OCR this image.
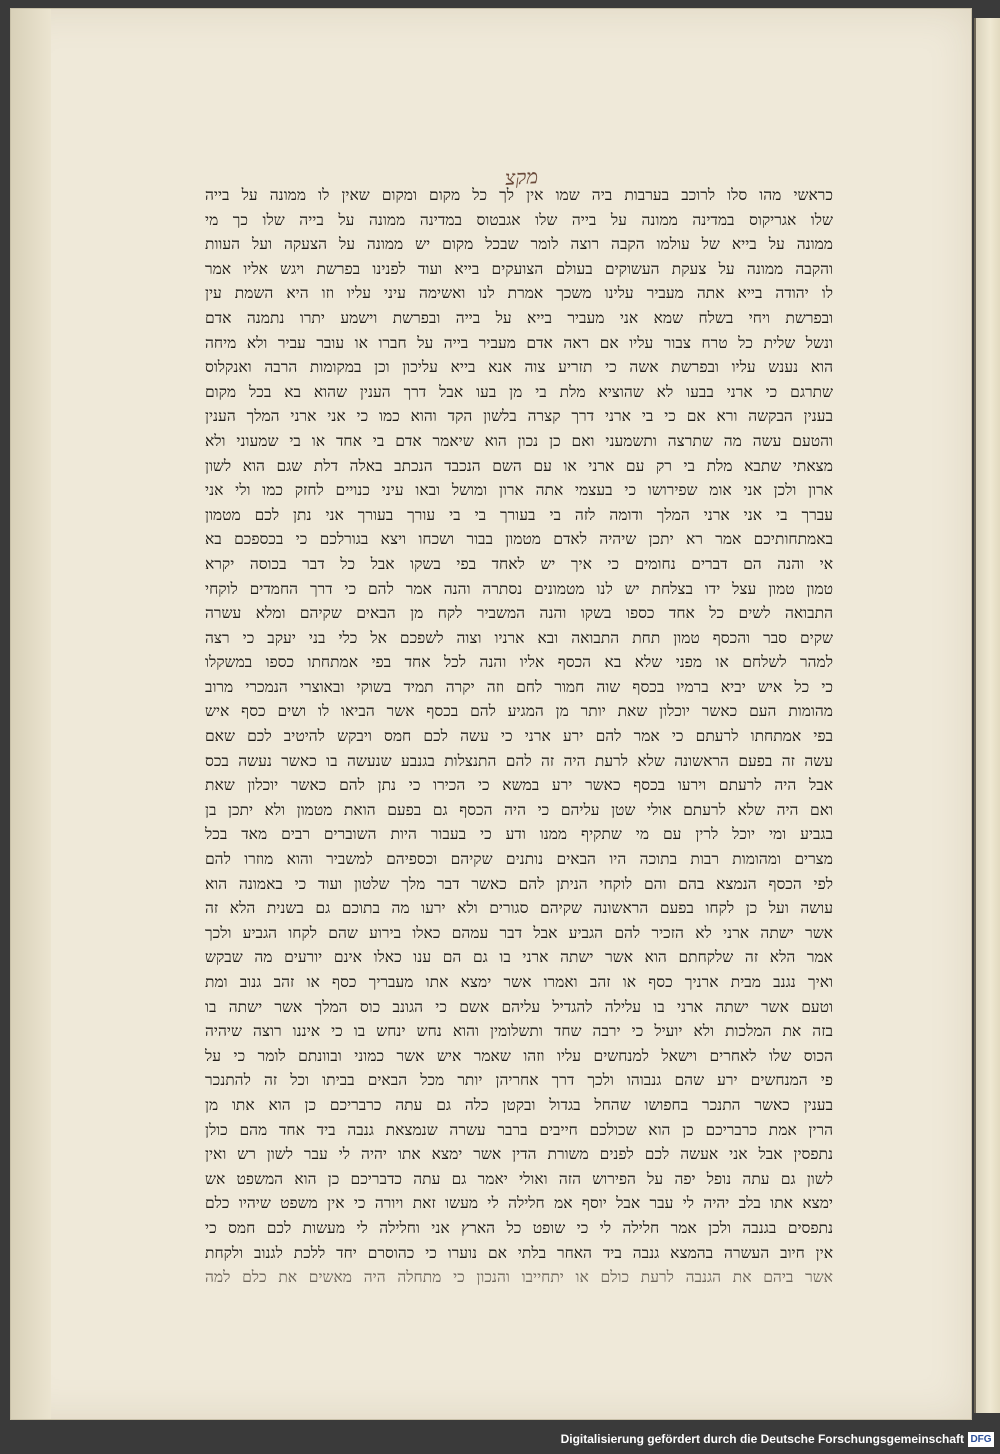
מקצ
כראשי מהו סלו לרוכב בערבות ביה שמו אין לך כל מקום ומקום שאין לו ממונה על בייה
שלו אגריקוס במדינה ממונה על בייה שלו אגבטוס במדינה ממונה על בייה שלו כך מי
ממונה על בייא של עולמו הקבה רוצה לומר שבכל מקום יש ממונה על הצעקה ועל העוות
והקבה ממונה על צעקת העשוקים בעולם הצועקים בייא ועוד לפנינו בפרשת ויגש אליו אמר
לו יהודה בייא אתה מעביר עלינו משכך אמרת לנו ואשימה עיני עליו וזו היא השמת עין
ובפרשת ויחי בשלח שמא אני מעביר בייא על בייה ובפרשת וישמע יתרו נתמנה אדם
ונשל שלית כל טרח צבור עליו אם ראה אדם מעביר בייה על חברו או עובר עביר ולא מיחה
הוא נענש עליו ובפרשת אשה כי תזריע צוה אנא בייא עליכון וכן במקומות הרבה ואנקלוס
שתרגם כי ארני בבעו לא שהוציא מלת בי מן בעו אבל דרך הענין שהוא בא בכל מקום
בענין הבקשה ורא אם כי בי ארני דרך קצרה בלשון הקד והוא כמו כי אני ארני המלך הענין
והטעם עשה מה שתרצה ותשמעני ואם כן נכון הוא שיאמר אדם בי אחד או בי שמעוני ולא
מצאתי שתבא מלת בי רק עם ארני או עם השם הנכבד הנכתב באלה דלת שגם הוא לשון
ארון ולכן אני אומ שפירושו כי בעצמי אתה ארון ומושל ובאו עיני כנויים לחזק כמו ולי אני
עברך בי אני ארני המלך ודומה לזה בי בעורך בי בי עורך בעורך אני נתן לכם מטמון
באמתחותיכם אמר רא יתכן שיהיה לאדם מטמון בבור ושכחו ויצא בגורלכם כי בכספכם בא
אי והנה הם דברים נחומים כי איך יש לאחד בפי בשקו אבל כל דבר בכוסה יקרא
טמון טמון עצל ידו בצלחת יש לנו מטמונים נסתרה והנה אמר להם כי דרך החמדים לוקחי
התבואה לשים כל אחד כספו בשקו והנה המשביר לקח מן הבאים שקיהם ומלא עשרה
שקים סבר והכסף טמון תחת התבואה ובא ארניו וצוה לשפכם אל כלי בני יעקב כי רצה
למהר לשלחם או מפני שלא בא הכסף אליו והנה לכל אחד בפי אמתחתו כספו במשקלו
כי כל איש יביא ברמיו בכסף שוה חמור לחם וזה יקרה תמיד בשוקי ובאוצרי הנמכרי מרוב
מהומות העם כאשר יוכלון שאת יותר מן המגיע להם בכסף אשר הביאו לו ושים כסף איש
בפי אמתחתו לרעתם כי אמר להם ירע ארני כי עשה לכם חמס ויבקש להיטיב לכם שאם
עשה זה בפעם הראשונה שלא לרעת היה זה להם התנצלות בגנבע שנעשה בו כאשר נעשה בכס
אבל היה לרעתם וירעו בכסף כאשר ירע במשא כי הכירו כי נתן להם כאשר יוכלון שאת
ואם היה שלא לרעתם אולי שטן עליהם כי היה הכסף גם בפעם הואת מטמון ולא יתכן בן
בגביע ומי יוכל לרין עם מי שתקיף ממנו ודע כי בעבור היות השוברים רבים מאד בכל
מצרים ומהומות רבות בתוכה היו הבאים נותנים שקיהם וכספיהם למשביר והוא מוזרו להם
לפי הכסף הנמצא בהם והם לוקחי הניתן להם כאשר דבר מלך שלטון ועוד כי באמונה הוא
עושה ועל כן לקחו בפעם הראשונה שקיהם סגורים ולא ירעו מה בתוכם גם בשנית הלא זה
אשר ישתה ארני לא הזכיר להם הגביע אבל דבר עמהם כאלו בירוע שהם לקחו הגביע ולכך
אמר הלא זה שלקחתם הוא אשר ישתה ארני בו גם הם ענו כאלו אינם יורעים מה שבקש
ואיך נגנב מבית ארניך כסף או זהב ואמרו אשר ימצא אתו מעבריך כסף או זהב גנוב ומת
וטעם אשר ישתה ארני בו עלילה להגדיל עליהם אשם כי הגונב כוס המלך אשר ישתה בו
בזה את המלכות ולא יועיל כי ירבה שחד ותשלומין והוא נחש ינחש בו כי איננו רוצה שיהיה
הכוס שלו לאחרים וישאל למנחשים עליו וזהו שאמר איש אשר כמוני ובוונתם לומר כי על
פי המנחשים ירע שהם גנבוהו ולכך דרך אחריהן יותר מכל הבאים בביתו וכל זה להתנכר
בענין כאשר התנכר בחפושו שהחל בגדול ובקטן כלה גם עתה כרבריכם כן הוא אתו מן
הרין אמת כרבריכם כן הוא שכולכם חייבים ברבר עשרה שנמצאת גנבה ביד אחד מהם כולן
נתפסין אבל אני אעשה לכם לפנים משורת הדין אשר ימצא אתו יהיה לי עבר לשון רש ואין
לשון גם עתה נופל יפה על הפירוש הזה ואולי יאמר גם עתה כדבריכם כן הוא המשפט אש
ימצא אתו בלב יהיה לי עבר אבל יוסף אמ חלילה לי מעשו זאת ויורה כי אין משפט שיהיו כלם
נתפסים בגנבה ולכן אמר חלילה לי כי שופט כל הארץ אני וחלילה לי מעשות לכם חמס כי
אין חיוב העשרה בהמצא גנבה ביד האחר בלתי אם נוערו כי כהוסרם יחד ללכת לגנוב ולקחת
אשר ביהם את הגנבה לרעת כולם או יתחייבו והנכון כי מתחלה היה מאשים את כלם למה
Digitalisierung gefördert durch die Deutsche Forschungsgemeinschaft DFG
